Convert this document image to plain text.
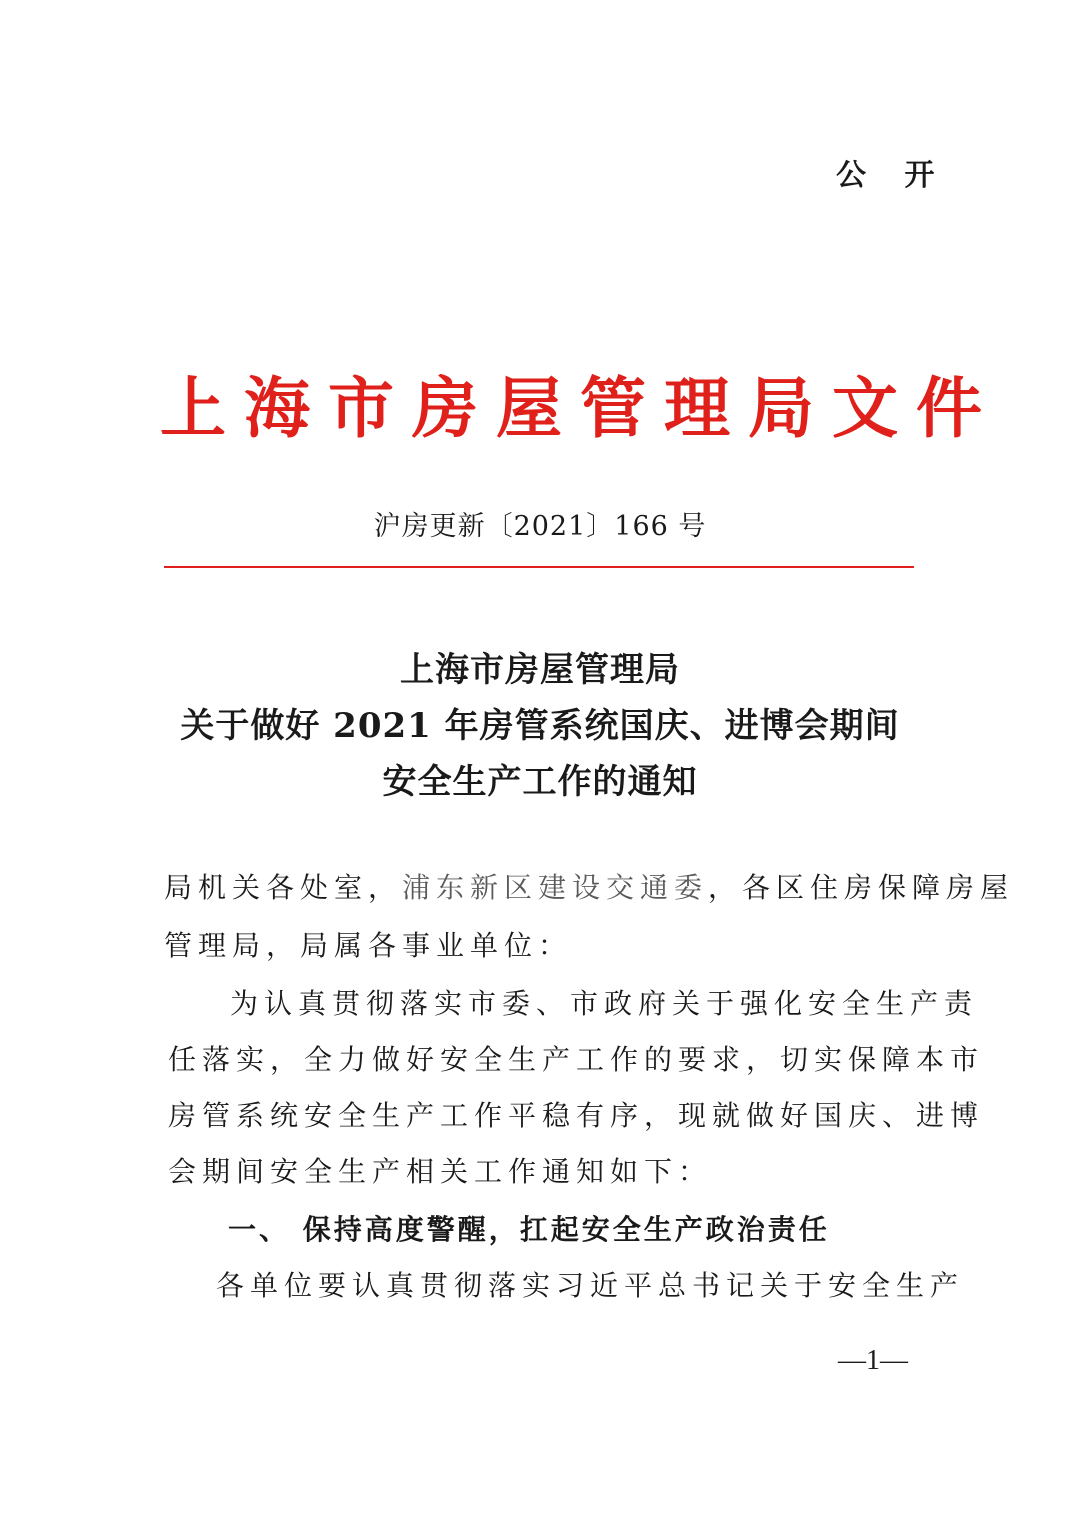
公 开
上海市房屋管理局文件
沪房更新〔2021〕166 号
上海市房屋管理局
关于做好 2021 年房管系统国庆、进博会期间
安全生产工作的通知
局机关各处室，浦东新区建设交通委，各区住房保障房屋
管理局，局属各事业单位：
为认真贯彻落实市委、市政府关于强化安全生产责
任落实，全力做好安全生产工作的要求，切实保障本市
房管系统安全生产工作平稳有序，现就做好国庆、进博
会期间安全生产相关工作通知如下：
一、 保持高度警醒，扛起安全生产政治责任
各单位要认真贯彻落实习近平总书记关于安全生产
—1—
